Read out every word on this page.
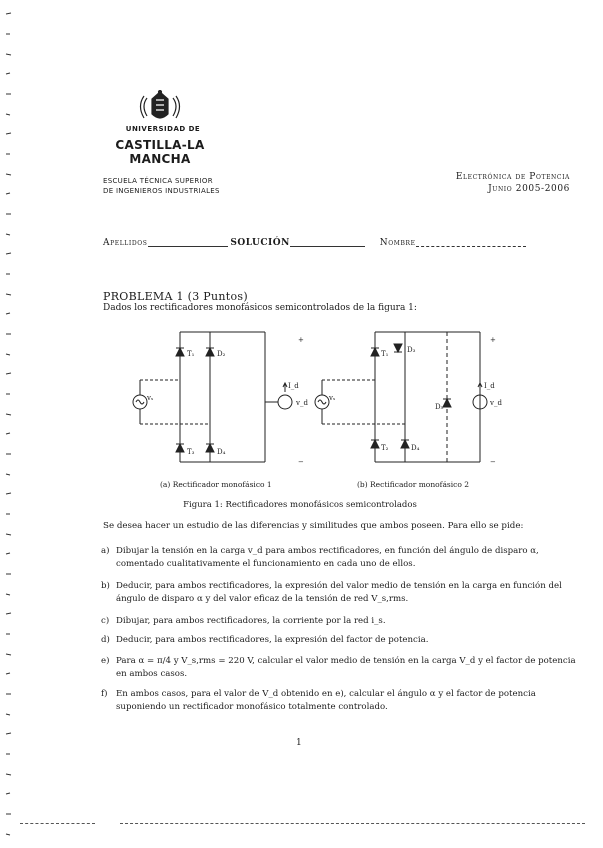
UNIVERSIDAD DE
CASTILLA-LA MANCHA
ESCUELA TÉCNICA SUPERIOR
DE INGENIEROS INDUSTRIALES
Electrónica de Potencia
Junio 2005-2006
Apellidos	SOLUCIÓN	Nombre
PROBLEMA 1 (3 Puntos)
Dados los rectificadores monofásicos semicontrolados de la figura 1:
T₁	D₂
T₃	D₄
vₛ
I_d
v_d
+
−
T₁	D₃
D₅
T₂	D₄
vₛ
I_d
v_d
+
−
(a) Rectificador monofásico 1	(b) Rectificador monofásico 2
Figura 1: Rectificadores monofásicos semicontrolados
Se desea hacer un estudio de las diferencias y similitudes que ambos poseen. Para ello se pide:
a) Dibujar la tensión en la carga v_d para ambos rectificadores, en función del ángulo de disparo α, comentado cualitativamente el funcionamiento en cada uno de ellos.
b) Deducir, para ambos rectificadores, la expresión del valor medio de tensión en la carga en función del ángulo de disparo α y del valor eficaz de la tensión de red V_s,rms.
c) Dibujar, para ambos rectificadores, la corriente por la red i_s.
d) Deducir, para ambos rectificadores, la expresión del factor de potencia.
e) Para α = π/4 y V_s,rms = 220 V, calcular el valor medio de tensión en la carga V_d y el factor de potencia en ambos casos.
f) En ambos casos, para el valor de V_d obtenido en e), calcular el ángulo α y el factor de potencia suponiendo un rectificador monofásico totalmente controlado.
1
